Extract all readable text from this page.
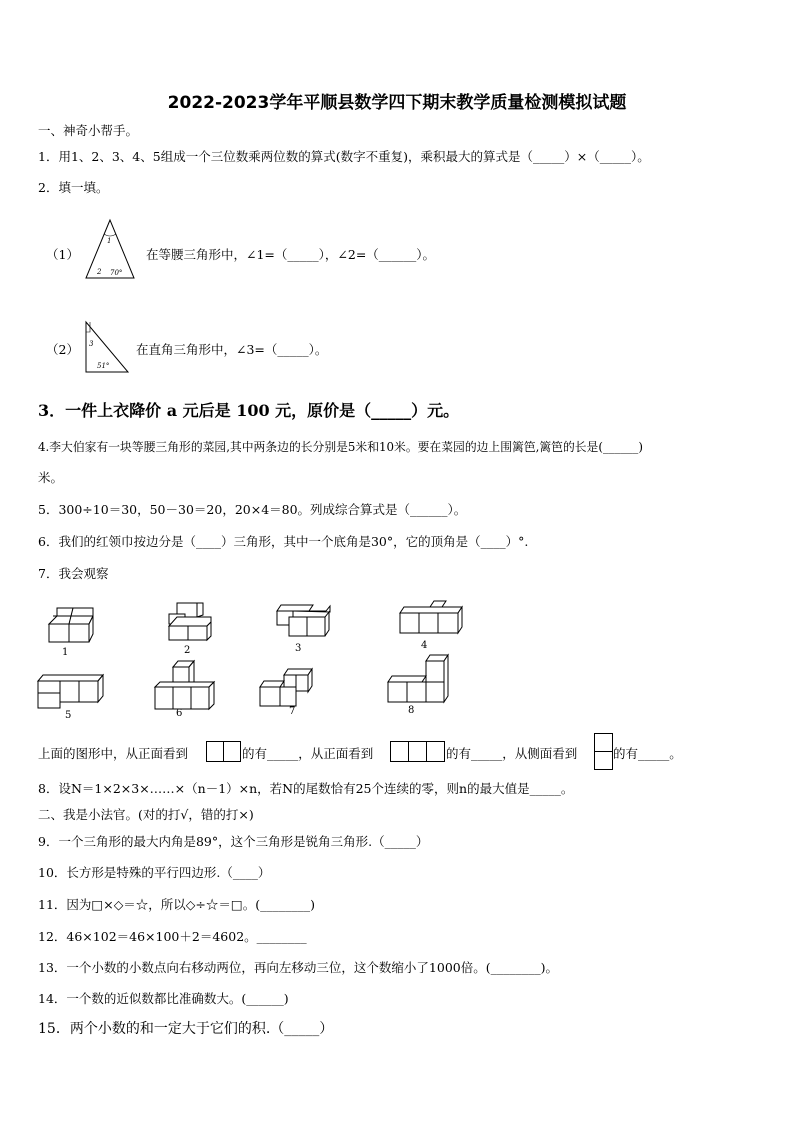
2022-2023学年平顺县数学四下期末教学质量检测模拟试题
一、神奇小帮手。
1．用1、2、3、4、5组成一个三位数乘两位数的算式(数字不重复)，乘积最大的算式是（_____）×（_____）。
2．填一填。
（1）
1
2 70°
在等腰三角形中，∠1=（_____），∠2=（______）。
（2） 3
51°
在直角三角形中，∠3=（_____）。
3．一件上衣降价 a 元后是 100 元，原价是（_____）元。
4.李大伯家有一块等腰三角形的菜园,其中两条边的长分别是5米和10米。要在菜园的边上围篱笆,篱笆的长是(______)
米。
5．300÷10＝30，50－30＝20，20×4＝80。列成综合算式是（______）。
6．我们的红领巾按边分是（____）三角形，其中一个底角是30°，它的顶角是（____）°.
7．我会观察
1	2	3	4
5	6	7	8
上面的图形中，从正面看到	的有_____，从正面看到	的有_____，从侧面看到	的有_____。
8．设N＝1×2×3×……×（n－1）×n，若N的尾数恰有25个连续的零，则n的最大值是_____。
二、我是小法官。(对的打√，错的打×)
9．一个三角形的最大内角是89°，这个三角形是锐角三角形.（_____）
10．长方形是特殊的平行四边形.（____）
11．因为□×◇＝☆，所以◇÷☆＝□。(________)
12．46×102＝46×100＋2＝4602。________
13．一个小数的小数点向右移动两位，再向左移动三位，这个数缩小了1000倍。(________)。
14．一个数的近似数都比准确数大。(______)
15．两个小数的和一定大于它们的积.（_____）
